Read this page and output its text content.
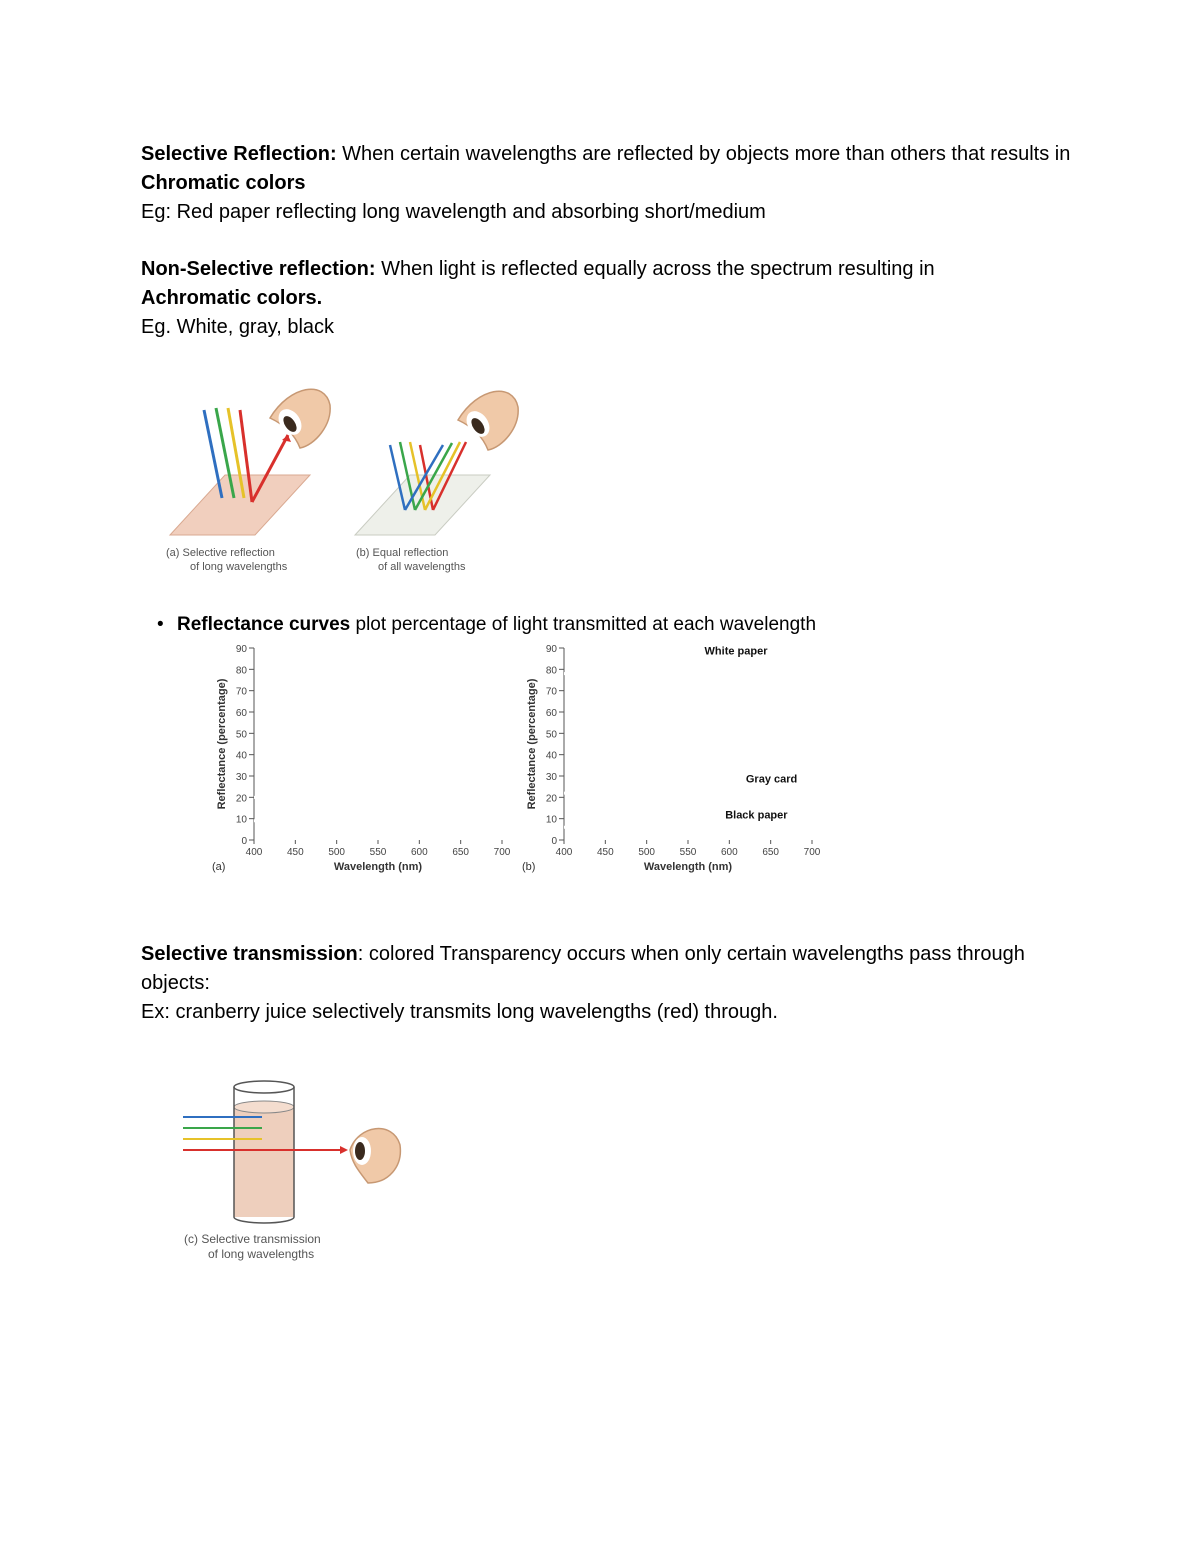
Selective Reflection: When certain wavelengths are reflected by objects more than others that results in Chromatic colors
Eg: Red paper reflecting long wavelength and absorbing short/medium

Non-Selective reflection: When light is reflected equally across the spectrum resulting in Achromatic colors.
Eg. White, gray, black

(a) Selective reflection
of long wavelengths
(b) Equal reflection
of all wavelengths
• Reflectance curves plot percentage of light transmitted at each wavelength
0
10
20
30
40
50
60
70
80
90
400 450 500 550 600 650 700
Wavelength (nm)
Reflectance (percentage)
(a)
Lettuce
Tomato
0
10
20
30
40
50
60
70
80
90
400 450 500 550 600 650 700
Wavelength (nm)
Reflectance (percentage)
(b)
White paper
Gray card
Black paper

Selective transmission: colored Transparency occurs when only certain wavelengths pass through objects:
Ex: cranberry juice selectively transmits long wavelengths (red) through.

(c) Selective transmission
of long wavelengths
